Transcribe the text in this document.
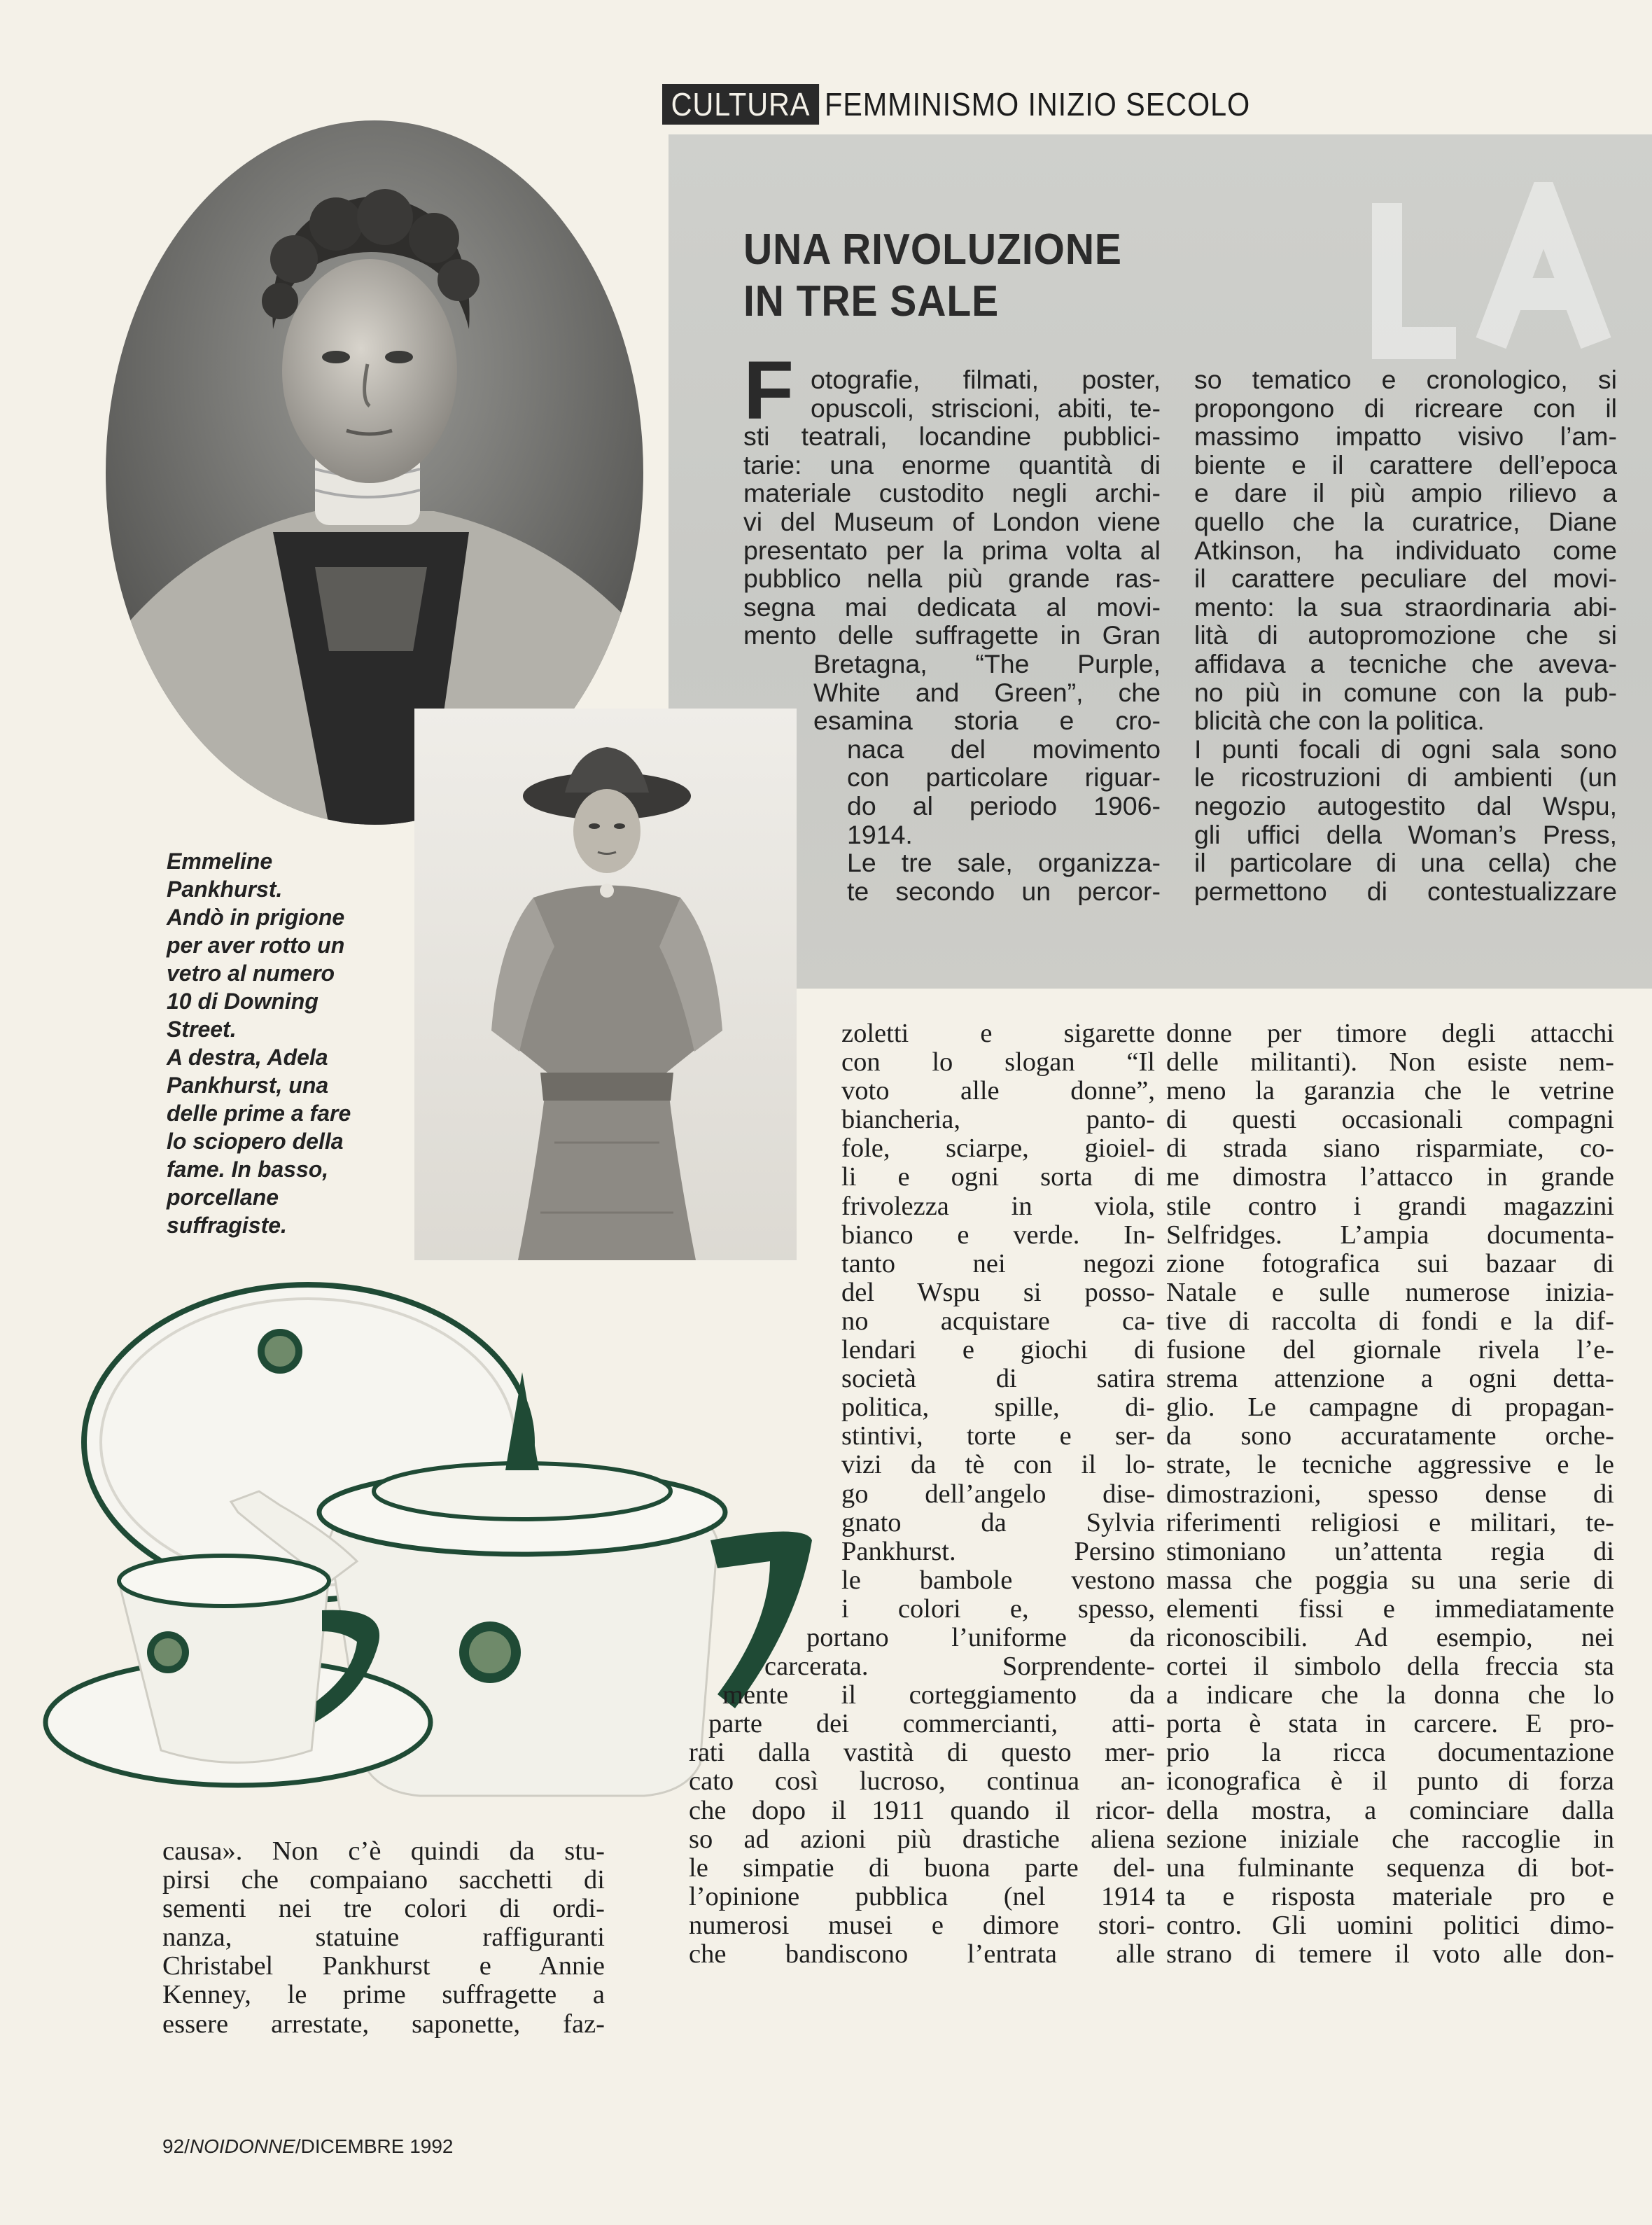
CULTURA FEMMINISMO INIZIO SECOLO
UNA RIVOLUZIONE
IN TRE SALE
F otografie, filmati, poster,
opuscoli, striscioni, abiti, te-
sti teatrali, locandine pubblici-
tarie: una enorme quantità di
materiale custodito negli archi-
vi del Museum of London viene
presentato per la prima volta al
pubblico nella più grande ras-
segna mai dedicata al movi-
mento delle suffragette in Gran
Bretagna, “The Purple,
White and Green”, che
esamina storia e cro-
naca del movimento
con particolare riguar-
do al periodo 1906-
1914.
Le tre sale, organizza-
te secondo un percor-
so tematico e cronologico, si
propongono di ricreare con il
massimo impatto visivo l’am-
biente e il carattere dell’epoca
e dare il più ampio rilievo a
quello che la curatrice, Diane
Atkinson, ha individuato come
il carattere peculiare del movi-
mento: la sua straordinaria abi-
lità di autopromozione che si
affidava a tecniche che aveva-
no più in comune con la pub-
blicità che con la politica.
I punti focali di ogni sala sono
le ricostruzioni di ambienti (un
negozio autogestito dal Wspu,
gli uffici della Woman’s Press,
il particolare di una cella) che
permettono di contestualizzare
Emmeline
Pankhurst.
Andò in prigione
per aver rotto un
vetro al numero
10 di Downing
Street.
A destra, Adela
Pankhurst, una
delle prime a fare
lo sciopero della
fame. In basso,
porcellane
suffragiste.
causa». Non c’è quindi da stu-
pirsi che compaiano sacchetti di
sementi nei tre colori di ordi-
nanza, statuine raffiguranti
Christabel Pankhurst e Annie
Kenney, le prime suffragette a
essere arrestate, saponette, faz-
zoletti e sigarette
con lo slogan “Il
voto alle donne”,
biancheria, panto-
fole, sciarpe, gioiel-
li e ogni sorta di
frivolezza in viola,
bianco e verde. In-
tanto nei negozi
del Wspu si posso-
no acquistare ca-
lendari e giochi di
società di satira
politica, spille, di-
stintivi, torte e ser-
vizi da tè con il lo-
go dell’angelo dise-
gnato da Sylvia
Pankhurst. Persino
le bambole vestono
i colori e, spesso,
portano l’uniforme da
carcerata. Sorprendente-
mente il corteggiamento da
parte dei commercianti, atti-
rati dalla vastità di questo mer-
cato così lucroso, continua an-
che dopo il 1911 quando il ricor-
so ad azioni più drastiche aliena
le simpatie di buona parte del-
l’opinione pubblica (nel 1914
numerosi musei e dimore stori-
che bandiscono l’entrata alle
donne per timore degli attacchi
delle militanti). Non esiste nem-
meno la garanzia che le vetrine
di questi occasionali compagni
di strada siano risparmiate, co-
me dimostra l’attacco in grande
stile contro i grandi magazzini
Selfridges. L’ampia documenta-
zione fotografica sui bazaar di
Natale e sulle numerose inizia-
tive di raccolta di fondi e la dif-
fusione del giornale rivela l’e-
strema attenzione a ogni detta-
glio. Le campagne di propagan-
da sono accuratamente orche-
strate, le tecniche aggressive e le
dimostrazioni, spesso dense di
riferimenti religiosi e militari, te-
stimoniano un’attenta regia di
massa che poggia su una serie di
elementi fissi e immediatamente
riconoscibili. Ad esempio, nei
cortei il simbolo della freccia sta
a indicare che la donna che lo
porta è stata in carcere. E pro-
prio la ricca documentazione
iconografica è il punto di forza
della mostra, a cominciare dalla
sezione iniziale che raccoglie in
una fulminante sequenza di bot-
ta e risposta materiale pro e
contro. Gli uomini politici dimo-
strano di temere il voto alle don-
92/NOIDONNE/DICEMBRE 1992
